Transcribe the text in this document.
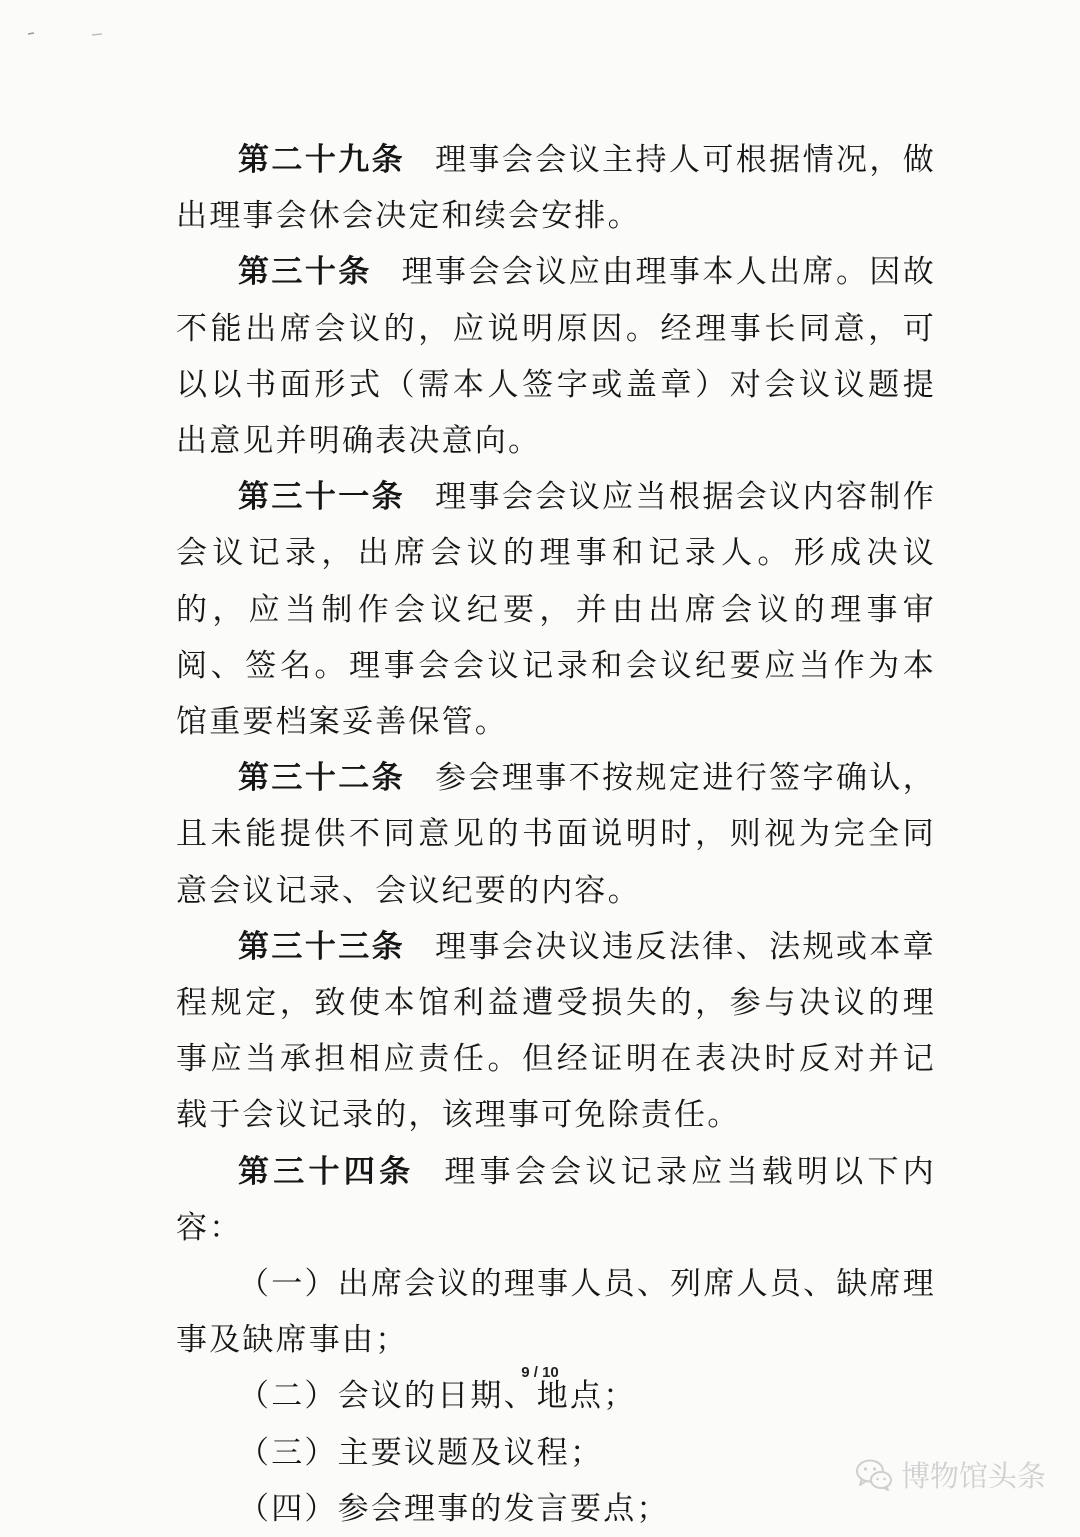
第二十九条 理事会会议主持人可根据情况，做出理事会休会决定和续会安排。

第三十条 理事会会议应由理事本人出席。因故不能出席会议的，应说明原因。经理事长同意，可以以书面形式（需本人签字或盖章）对会议议题提出意见并明确表决意向。

第三十一条 理事会会议应当根据会议内容制作会议记录，出席会议的理事和记录人。形成决议的，应当制作会议纪要，并由出席会议的理事审阅、签名。理事会会议记录和会议纪要应当作为本馆重要档案妥善保管。

第三十二条 参会理事不按规定进行签字确认，且未能提供不同意见的书面说明时，则视为完全同意会议记录、会议纪要的内容。

第三十三条 理事会决议违反法律、法规或本章程规定，致使本馆利益遭受损失的，参与决议的理事应当承担相应责任。但经证明在表决时反对并记载于会议记录的，该理事可免除责任。

第三十四条 理事会会议记录应当载明以下内容：

（一）出席会议的理事人员、列席人员、缺席理事及缺席事由；

（二）会议的日期、地点；

（三）主要议题及议程；

（四）参会理事的发言要点；

9 / 10
博物馆头条
